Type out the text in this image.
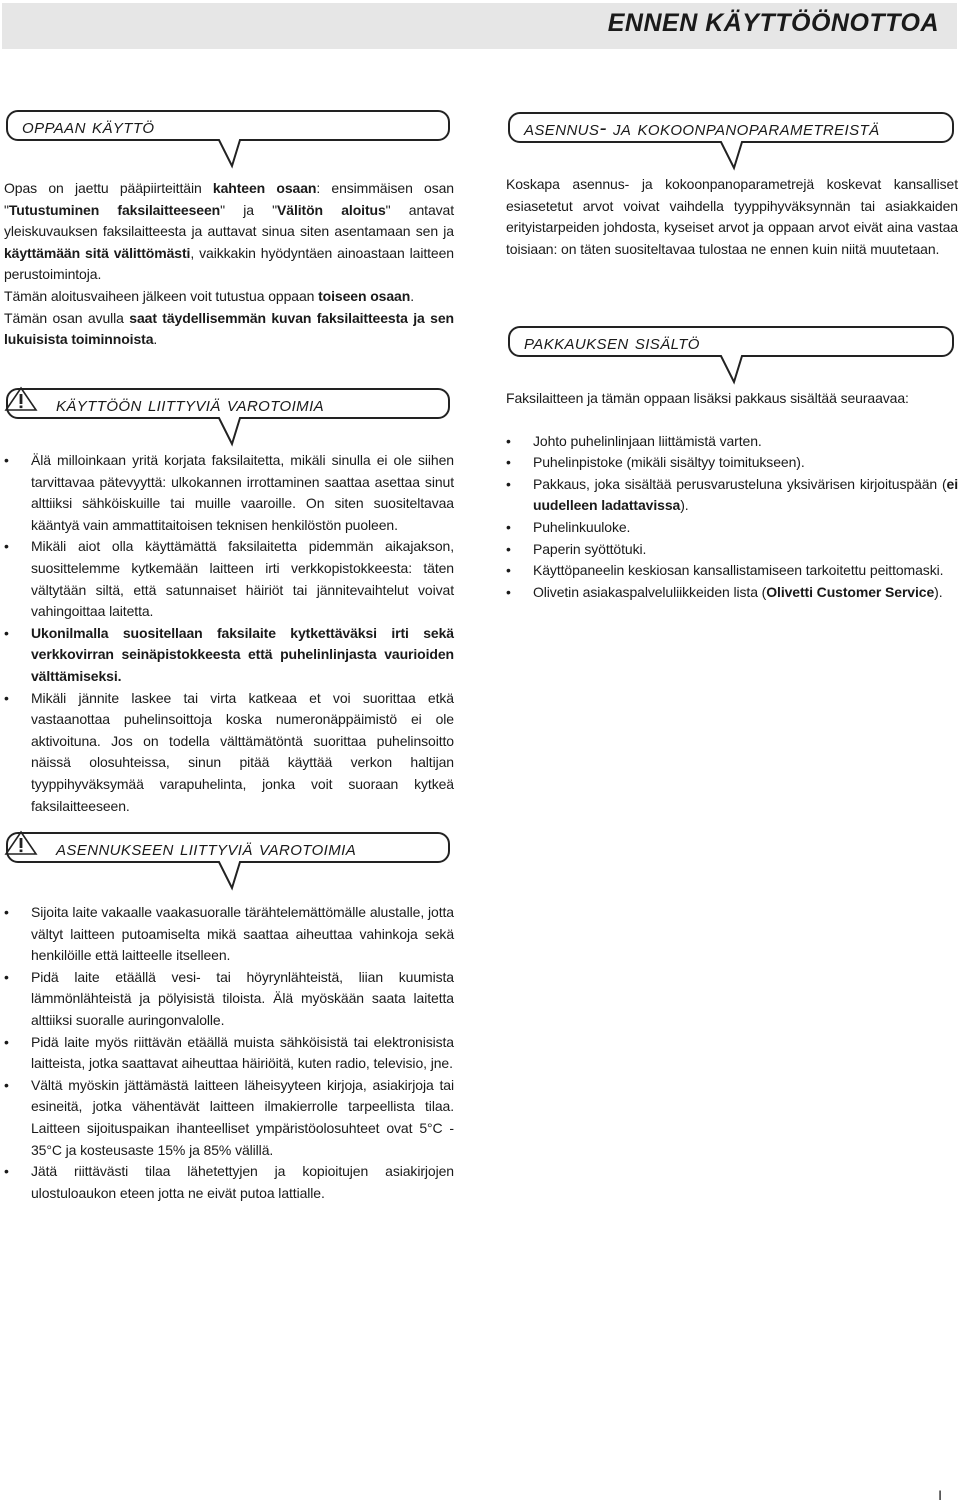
ENNEN KÄYTTÖÖNOTTOA
oppaan käyttö

Opas on jaettu pääpiirteittäin kahteen osaan: ensimmäisen osan "Tutustuminen faksilaitteeseen" ja "Välitön aloitus" antavat yleiskuvauksen faksilaitteesta ja auttavat sinua siten asentamaan sen ja käyttämään sitä välittömästi, vaikkakin hyödyntäen ainoastaan laitteen perustoimintoja.

Tämän aloitusvaiheen jälkeen voit tutustua oppaan toiseen osaan.

Tämän osan avulla saat täydellisemmän kuvan faksilaitteesta ja sen lukuisista toiminnoista.

käyttöön liittyviä varotoimia
• Älä milloinkaan yritä korjata faksilaitetta, mikäli sinulla ei ole siihen tarvittavaa pätevyyttä: ulkokannen irrottaminen saattaa asettaa sinut alttiiksi sähköiskuille tai muille vaaroille. On siten suositeltavaa kääntyä vain ammattitaitoisen teknisen henkilöstön puoleen.
• Mikäli aiot olla käyttämättä faksilaitetta pidemmän aikajakson, suosittelemme kytkemään laitteen irti verkkopistokkeesta: täten vältytään siltä, että satunnaiset häiriöt tai jännitevaihtelut voivat vahingoittaa laitetta.
• Ukonilmalla suositellaan faksilaite kytkettäväksi irti sekä verkkovirran seinäpistokkeesta että puhelinlinjasta vaurioiden välttämiseksi.
• Mikäli jännite laskee tai virta katkeaa et voi suorittaa etkä vastaanottaa puhelinsoittoja koska numeronäppäimistö ei ole aktivoituna. Jos on todella välttämätöntä suorittaa puhelinsoitto näissä olosuhteissa, sinun pitää käyttää verkon haltijan tyyppihyväksymää varapuhelinta, jonka voit suoraan kytkeä faksilaitteeseen.
asennukseen liittyviä varotoimia
• Sijoita laite vakaalle vaakasuoralle tärähtelemättömälle alustalle, jotta vältyt laitteen putoamiselta mikä saattaa aiheuttaa vahinkoja sekä henkilöille että laitteelle itselleen.
• Pidä laite etäällä vesi- tai höyrynlähteistä, liian kuumista lämmönlähteistä ja pölyisistä tiloista. Älä myöskään saata laitetta alttiiksi suoralle auringonvalolle.
• Pidä laite myös riittävän etäällä muista sähköisistä tai elektronisista laitteista, jotka saattavat aiheuttaa häiriöitä, kuten radio, televisio, jne.
• Vältä myöskin jättämästä laitteen läheisyyteen kirjoja, asiakirjoja tai esineitä, jotka vähentävät laitteen ilmakierrolle tarpeellista tilaa. Laitteen sijoituspaikan ihanteelliset ympäristöolosuhteet ovat 5°C - 35°C ja kosteusaste 15% ja 85% välillä.
• Jätä riittävästi tilaa lähetettyjen ja kopioitujen asiakirjojen ulostuloaukon eteen jotta ne eivät putoa lattialle.
asennus- ja kokoonpanoparametreistä

Koskapa asennus- ja kokoonpanoparametrejä koskevat kansalliset esiasetetut arvot voivat vaihdella tyyppihyväksynnän tai asiakkaiden erityistarpeiden johdosta, kyseiset arvot ja oppaan arvot eivät aina vastaa toisiaan: on täten suositeltavaa tulostaa ne ennen kuin niitä muutetaan.

pakkauksen sisältö

Faksilaitteen ja tämän oppaan lisäksi pakkaus sisältää seuraavaa:

• Johto puhelinlinjaan liittämistä varten.
• Puhelinpistoke (mikäli sisältyy toimitukseen).
• Pakkaus, joka sisältää perusvarusteluna yksivärisen kirjoituspään (ei uudelleen ladattavissa).
• Puhelinkuuloke.
• Paperin syöttötuki.
• Käyttöpaneelin keskiosan kansallistamiseen tarkoitettu peittomaski.
• Olivetin asiakaspalveluliikkeiden lista (Olivetti Customer Service).
I
